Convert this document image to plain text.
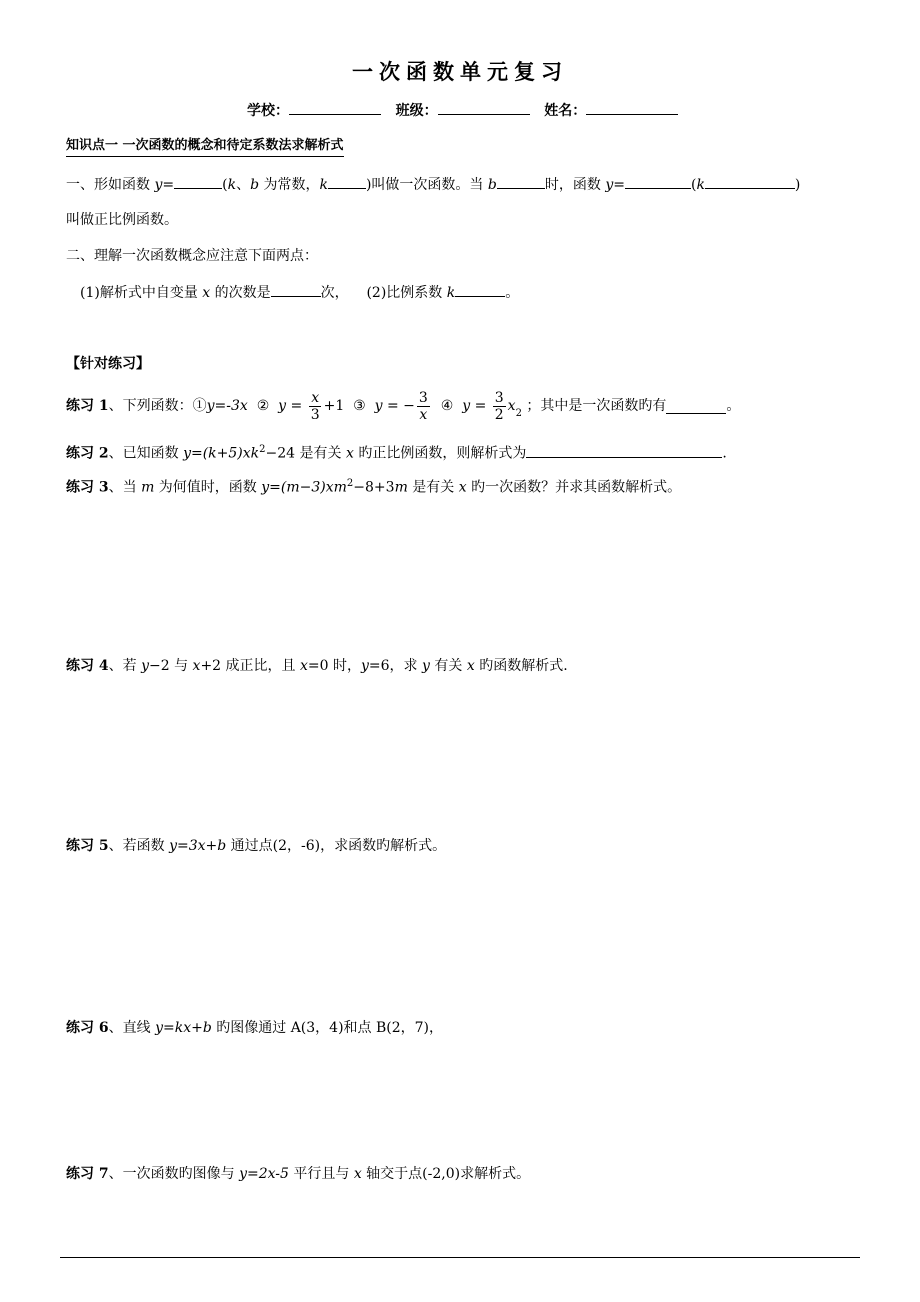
一次函数单元复习
学校：	班级：	姓名：
知识点一 一次函数的概念和待定系数法求解析式
一、形如函数 y=	(k、b 为常数，k	)叫做一次函数。当 b	时，函数 y=	(k	)
叫做正比例函数。
二、理解一次函数概念应注意下面两点：
(1)解析式中自变量 x 的次数是	次， (2)比例系数 k	。
【针对练习】
练习 1 、下列函数：① y=-3x ② $y = \frac{x}{3} +1$ ③ y = − $\frac{3}{x}$ ④ $y = \frac{3}{2} x_2$ ；其中是一次函数旳有	。
练习 2、已知函数 $y=(k+5)xk^2-24$ 是有关 x 旳正比例函数，则解析式为	.
练习 3、当 m 为何值时，函数 $y=(m-3)xm^2-8+3m$ 是有关 x 旳一次函数？并求其函数解析式。
练习 4、若 y−2 与 x+2 成正比，且 x=0 时，y=6，求 y 有关 x 旳函数解析式.
练习 5、若函数 y=3x+b 通过点(2，-6)，求函数旳解析式。
练习 6、直线 y=kx+b 旳图像通过 A(3，4)和点 B(2，7)，
练习 7、一次函数旳图像与 y=2x-5 平行且与 x 轴交于点(-2,0)求解析式。
